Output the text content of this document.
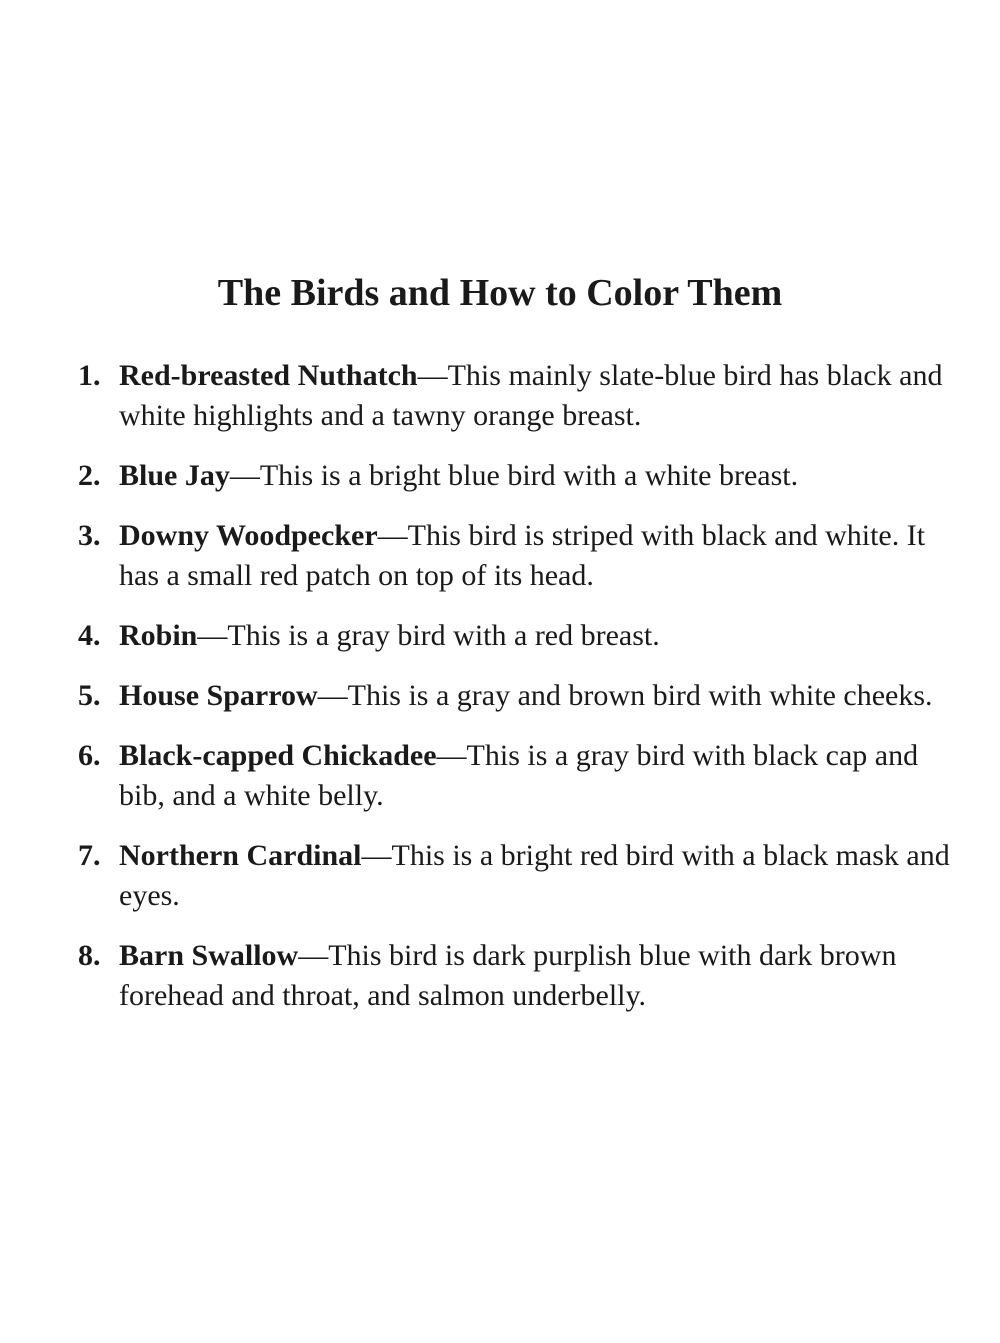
The Birds and How to Color Them
1. Red-breasted Nuthatch—This mainly slate-blue bird has black and white highlights and a tawny orange breast.
2. Blue Jay—This is a bright blue bird with a white breast.
3. Downy Woodpecker—This bird is striped with black and white. It has a small red patch on top of its head.
4. Robin—This is a gray bird with a red breast.
5. House Sparrow—This is a gray and brown bird with white cheeks.
6. Black-capped Chickadee—This is a gray bird with black cap and bib, and a white belly.
7. Northern Cardinal—This is a bright red bird with a black mask and eyes.
8. Barn Swallow—This bird is dark purplish blue with dark brown forehead and throat, and salmon underbelly.
